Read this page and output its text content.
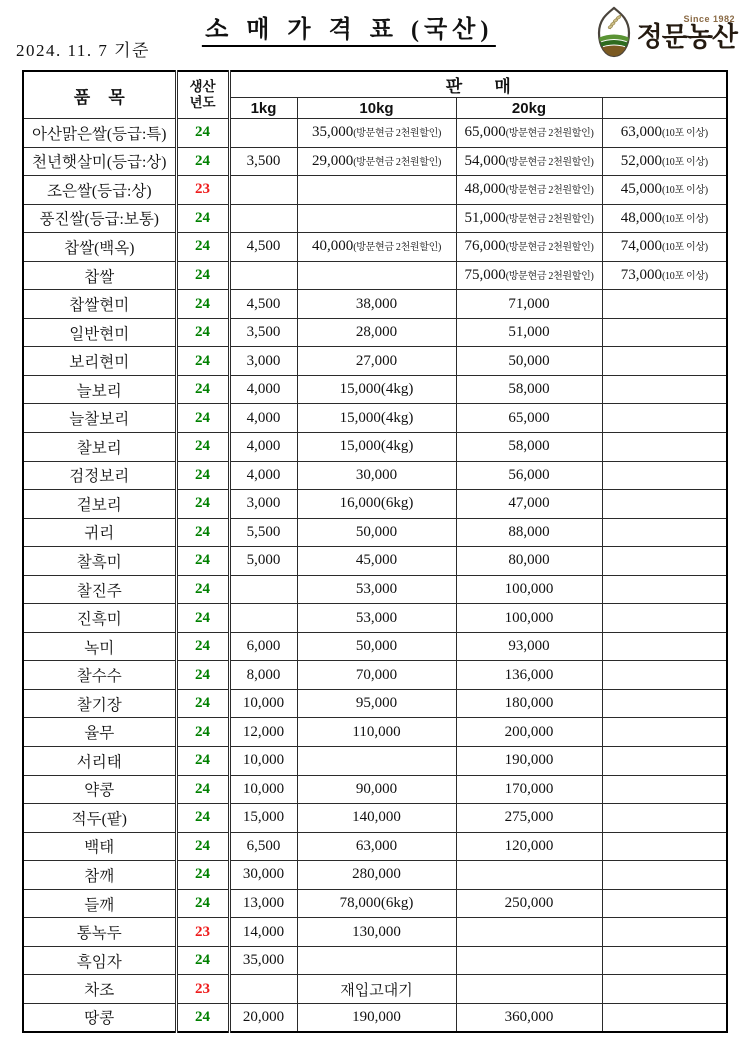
소 매 가 격 표 (국산)
2024. 11. 7 기준
Since 1982
정문농산
품 목	생산
년도	판 매			
		1kg	10kg	20kg	
아산맑은쌀(등급:특)	24		35,000(방문현금 2천원할인)	65,000(방문현금 2천원할인)	63,000(10포 이상)
천년햇살미(등급:상)	24	3,500	29,000(방문현금 2천원할인)	54,000(방문현금 2천원할인)	52,000(10포 이상)
조은쌀(등급:상)	23			48,000(방문현금 2천원할인)	45,000(10포 이상)
풍진쌀(등급:보통)	24			51,000(방문현금 2천원할인)	48,000(10포 이상)
찹쌀(백옥)	24	4,500	40,000(방문현금 2천원할인)	76,000(방문현금 2천원할인)	74,000(10포 이상)
찹쌀	24			75,000(방문현금 2천원할인)	73,000(10포 이상)
찹쌀현미	24	4,500	38,000	71,000	
일반현미	24	3,500	28,000	51,000	
보리현미	24	3,000	27,000	50,000	
늘보리	24	4,000	15,000(4kg)	58,000	
늘찰보리	24	4,000	15,000(4kg)	65,000	
찰보리	24	4,000	15,000(4kg)	58,000	
검정보리	24	4,000	30,000	56,000	
겉보리	24	3,000	16,000(6kg)	47,000	
귀리	24	5,500	50,000	88,000	
찰흑미	24	5,000	45,000	80,000	
찰진주	24		53,000	100,000	
진흑미	24		53,000	100,000	
녹미	24	6,000	50,000	93,000	
찰수수	24	8,000	70,000	136,000	
찰기장	24	10,000	95,000	180,000	
율무	24	12,000	110,000	200,000	
서리태	24	10,000		190,000	
약콩	24	10,000	90,000	170,000	
적두(팥)	24	15,000	140,000	275,000	
백태	24	6,500	63,000	120,000	
참깨	24	30,000	280,000		
들깨	24	13,000	78,000(6kg)	250,000	
통녹두	23	14,000	130,000		
흑임자	24	35,000			
차조	23		재입고대기		
땅콩	24	20,000	190,000	360,000	
